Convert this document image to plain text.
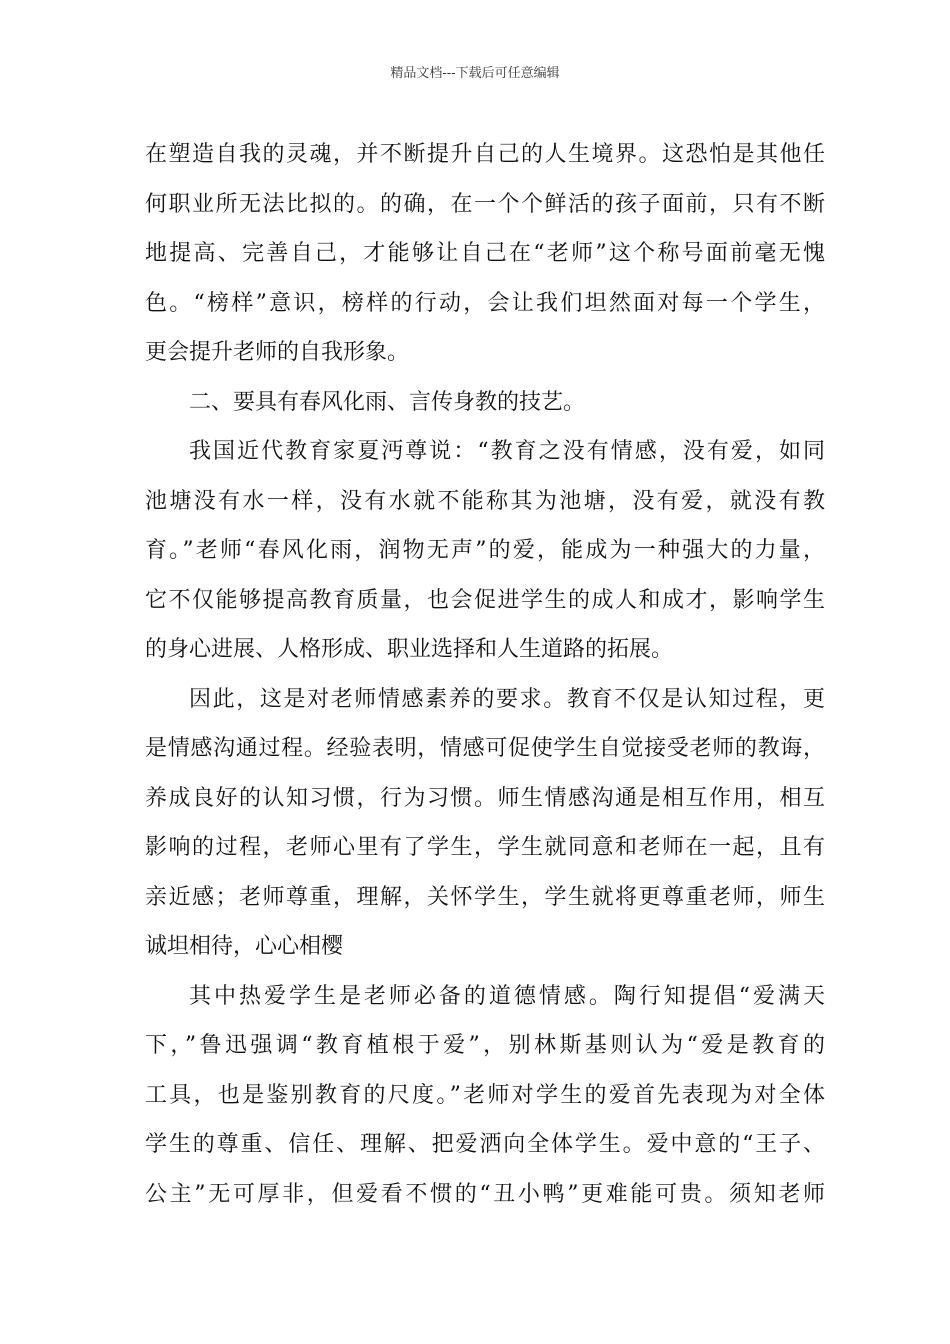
精品文档---下载后可任意编辑
在塑造自我的灵魂，并不断提升自己的人生境界。这恐怕是其他任
何职业所无法比拟的。的确，在一个个鲜活的孩子面前，只有不断
地提高、完善自己，才能够让自己在“老师”这个称号面前毫无愧
色。“榜样”意识，榜样的行动，会让我们坦然面对每一个学生，
更会提升老师的自我形象。
二、要具有春风化雨、言传身教的技艺。
我国近代教育家夏沔尊说：“教育之没有情感，没有爱，如同
池塘没有水一样，没有水就不能称其为池塘，没有爱，就没有教
育。”老师“春风化雨，润物无声”的爱，能成为一种强大的力量，
它不仅能够提高教育质量，也会促进学生的成人和成才，影响学生
的身心进展、人格形成、职业选择和人生道路的拓展。
因此，这是对老师情感素养的要求。教育不仅是认知过程，更
是情感沟通过程。经验表明，情感可促使学生自觉接受老师的教诲，
养成良好的认知习惯，行为习惯。师生情感沟通是相互作用，相互
影响的过程，老师心里有了学生，学生就同意和老师在一起，且有
亲近感；老师尊重，理解，关怀学生，学生就将更尊重老师，师生
诚坦相待，心心相樱
其中热爱学生是老师必备的道德情感。陶行知提倡“爱满天
下，”鲁迅强调“教育植根于爱”，别林斯基则认为“爱是教育的
工具，也是鉴别教育的尺度。”老师对学生的爱首先表现为对全体
学生的尊重、信任、理解、把爱洒向全体学生。爱中意的“王子、
公主”无可厚非，但爱看不惯的“丑小鸭”更难能可贵。须知老师
